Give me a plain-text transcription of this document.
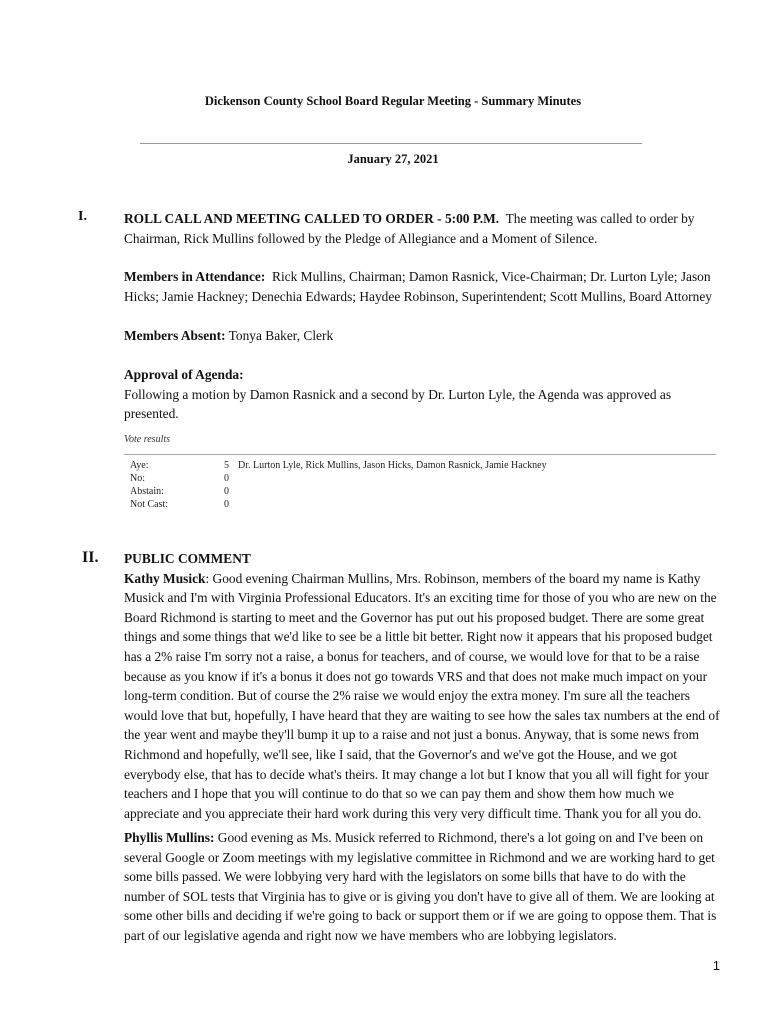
Dickenson County School Board Regular Meeting - Summary Minutes
January 27, 2021
I.	ROLL CALL AND MEETING CALLED TO ORDER - 5:00 P.M. The meeting was called to order by Chairman, Rick Mullins followed by the Pledge of Allegiance and a Moment of Silence.
Members in Attendance: Rick Mullins, Chairman; Damon Rasnick, Vice-Chairman; Dr. Lurton Lyle; Jason Hicks; Jamie Hackney; Denechia Edwards; Haydee Robinson, Superintendent; Scott Mullins, Board Attorney
Members Absent: Tonya Baker, Clerk
Approval of Agenda:
Following a motion by Damon Rasnick and a second by Dr. Lurton Lyle, the Agenda was approved as presented.
Vote results
Aye:	5 Dr. Lurton Lyle, Rick Mullins, Jason Hicks, Damon Rasnick, Jamie Hackney
No:	0
Abstain:	0
Not Cast:	0
II. PUBLIC COMMENT
Kathy Musick: Good evening Chairman Mullins, Mrs. Robinson, members of the board my name is Kathy Musick and I'm with Virginia Professional Educators. It's an exciting time for those of you who are new on the Board Richmond is starting to meet and the Governor has put out his proposed budget. There are some great things and some things that we'd like to see be a little bit better. Right now it appears that his proposed budget has a 2% raise I'm sorry not a raise, a bonus for teachers, and of course, we would love for that to be a raise because as you know if it's a bonus it does not go towards VRS and that does not make much impact on your long-term condition. But of course the 2% raise we would enjoy the extra money. I'm sure all the teachers would love that but, hopefully, I have heard that they are waiting to see how the sales tax numbers at the end of the year went and maybe they'll bump it up to a raise and not just a bonus. Anyway, that is some news from Richmond and hopefully, we'll see, like I said, that the Governor's and we've got the House, and we got everybody else, that has to decide what's theirs. It may change a lot but I know that you all will fight for your teachers and I hope that you will continue to do that so we can pay them and show them how much we appreciate and you appreciate their hard work during this very very difficult time. Thank you for all you do.
Phyllis Mullins: Good evening as Ms. Musick referred to Richmond, there's a lot going on and I've been on several Google or Zoom meetings with my legislative committee in Richmond and we are working hard to get some bills passed. We were lobbying very hard with the legislators on some bills that have to do with the number of SOL tests that Virginia has to give or is giving you don't have to give all of them. We are looking at some other bills and deciding if we're going to back or support them or if we are going to oppose them. That is part of our legislative agenda and right now we have members who are lobbying legislators.
1
